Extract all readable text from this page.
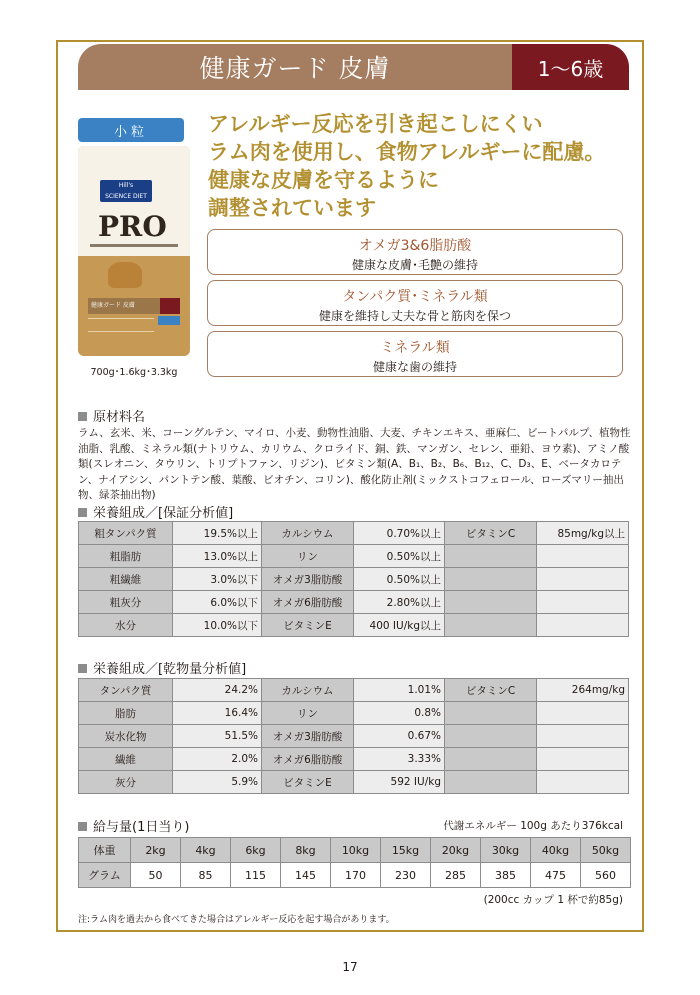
健康ガード 皮膚	1〜6歳
小粒
Hill's
SCIENCE DIET
PRO
健康ガード 皮膚
700g･1.6kg･3.3kg
アレルギー反応を引き起こしにくい
ラム肉を使用し、食物アレルギーに配慮。
健康な皮膚を守るように
調整されています
オメガ3&6脂肪酸
健康な皮膚･毛艶の維持
タンパク質･ミネラル類
健康を維持し丈夫な骨と筋肉を保つ
ミネラル類
健康な歯の維持
原材料名
ラム、玄米、米、コーングルテン、マイロ、小麦、動物性油脂、大麦、チキンエキス、亜麻仁、ビートパルプ、植物性油脂、乳酸、ミネラル類(ナトリウム、カリウム、クロライド、銅、鉄、マンガン、セレン、亜鉛、ヨウ素)、アミノ酸類(スレオニン、タウリン、トリプトファン、リジン)、ビタミン類(A、B₁、B₂、B₆、B₁₂、C、D₃、E、ベータカロテン、ナイアシン、パントテン酸、葉酸、ビオチン、コリン)、酸化防止剤(ミックストコフェロール、ローズマリー抽出物、緑茶抽出物)
栄養組成／[保証分析値]
粗タンパク質	19.5%以上	カルシウム	0.70%以上	ビタミンC	85mg/kg以上
粗脂肪	13.0%以上	リン	0.50%以上		
粗繊維	3.0%以下	オメガ3脂肪酸	0.50%以上		
粗灰分	6.0%以下	オメガ6脂肪酸	2.80%以上		
水分	10.0%以下	ビタミンE	400 IU/kg以上		
栄養組成／[乾物量分析値]
タンパク質	24.2%	カルシウム	1.01%	ビタミンC	264mg/kg
脂肪	16.4%	リン	0.8%		
炭水化物	51.5%	オメガ3脂肪酸	0.67%		
繊維	2.0%	オメガ6脂肪酸	3.33%		
灰分	5.9%	ビタミンE	592 IU/kg		
給与量(1日当り)	代謝エネルギー 100g あたり376kcal
体重	2kg	4kg	6kg	8kg	10kg	15kg	20kg	30kg	40kg	50kg
グラム	50	85	115	145	170	230	285	385	475	560
(200cc カップ 1 杯で約85g)
注:ラム肉を過去から食べてきた場合はアレルギー反応を起す場合があります。
17
